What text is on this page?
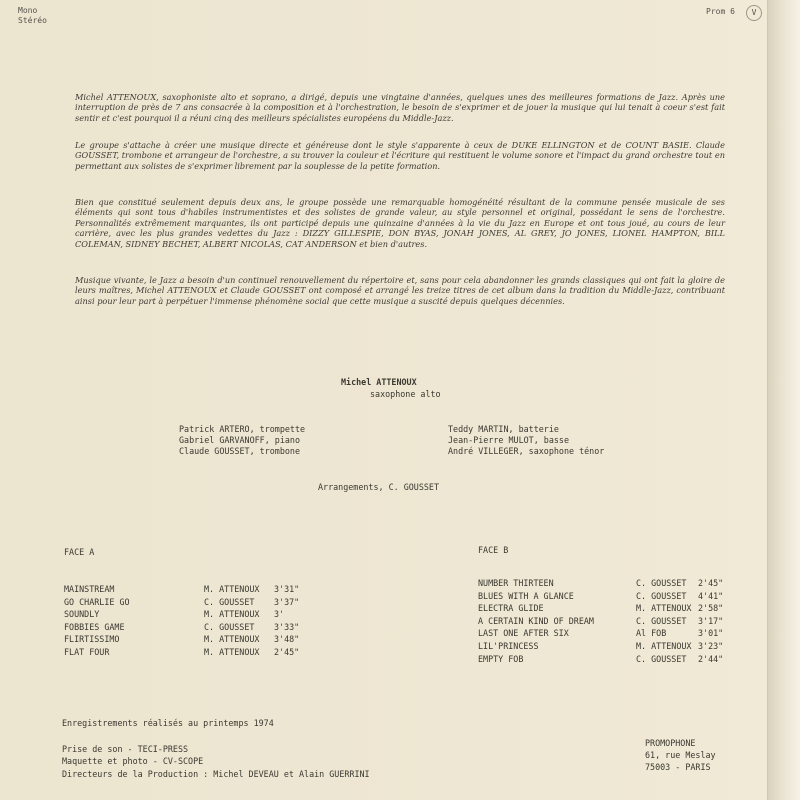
Mono
Stéréo
Prom 6	V
Michel ATTENOUX, saxophoniste alto et soprano, a dirigé, depuis une vingtaine d'années, quelques unes des meilleures formations de Jazz. Après une interruption de près de 7 ans consacrée à la composition et à l'orchestration, le besoin de s'exprimer et de jouer la musique qui lui tenait à coeur s'est fait sentir et c'est pourquoi il a réuni cinq des meilleurs spécialistes européens du Middle-Jazz.
Le groupe s'attache à créer une musique directe et généreuse dont le style s'apparente à ceux de DUKE ELLINGTON et de COUNT BASIE. Claude GOUSSET, trombone et arrangeur de l'orchestre, a su trouver la couleur et l'écriture qui restituent le volume sonore et l'impact du grand orchestre tout en permettant aux solistes de s'exprimer librement par la souplesse de la petite formation.
Bien que constitué seulement depuis deux ans, le groupe possède une remarquable homogénéité résultant de la commune pensée musicale de ses éléments qui sont tous d'habiles instrumentistes et des solistes de grande valeur, au style personnel et original, possédant le sens de l'orchestre. Personnalités extrêmement marquantes, ils ont participé depuis une quinzaine d'années à la vie du Jazz en Europe et ont tous joué, au cours de leur carrière, avec les plus grandes vedettes du Jazz : DIZZY GILLESPIE, DON BYAS, JONAH JONES, AL GREY, JO JONES, LIONEL HAMPTON, BILL COLEMAN, SIDNEY BECHET, ALBERT NICOLAS, CAT ANDERSON et bien d'autres.
Musique vivante, le Jazz a besoin d'un continuel renouvellement du répertoire et, sans pour cela abandonner les grands classiques qui ont fait la gloire de leurs maîtres, Michel ATTENOUX et Claude GOUSSET ont composé et arrangé les treize titres de cet album dans la tradition du Middle-Jazz, contribuant ainsi pour leur part à perpétuer l'immense phénomène social que cette musique a suscité depuis quelques décennies.
Michel ATTENOUX
saxophone alto
Patrick ARTERO, trompette
Gabriel GARVANOFF, piano
Claude GOUSSET, trombone
Teddy MARTIN, batterie
Jean-Pierre MULOT, basse
André VILLEGER, saxophone ténor
Arrangements, C. GOUSSET
FACE A	FACE B
MAINSTREAM	M. ATTENOUX	3'31"
GO CHARLIE GO	C. GOUSSET	3'37"
SOUNDLY	M. ATTENOUX	3'
FOBBIES GAME	C. GOUSSET	3'33"
FLIRTISSIMO	M. ATTENOUX	3'48"
FLAT FOUR	M. ATTENOUX	2'45"
NUMBER THIRTEEN	C. GOUSSET	2'45"
BLUES WITH A GLANCE	C. GOUSSET	4'41"
ELECTRA GLIDE	M. ATTENOUX 2'58"
A CERTAIN KIND OF DREAM	C. GOUSSET	3'17"
LAST ONE AFTER SIX	Al FOB	3'01"
LIL'PRINCESS	M. ATTENOUX 3'23"
EMPTY FOB	C. GOUSSET	2'44"
Enregistrements réalisés au printemps 1974
Prise de son - TECI-PRESS
Maquette et photo - CV-SCOPE
Directeurs de la Production : Michel DEVEAU et Alain GUERRINI
PROMOPHONE
61, rue Meslay
75003 - PARIS
